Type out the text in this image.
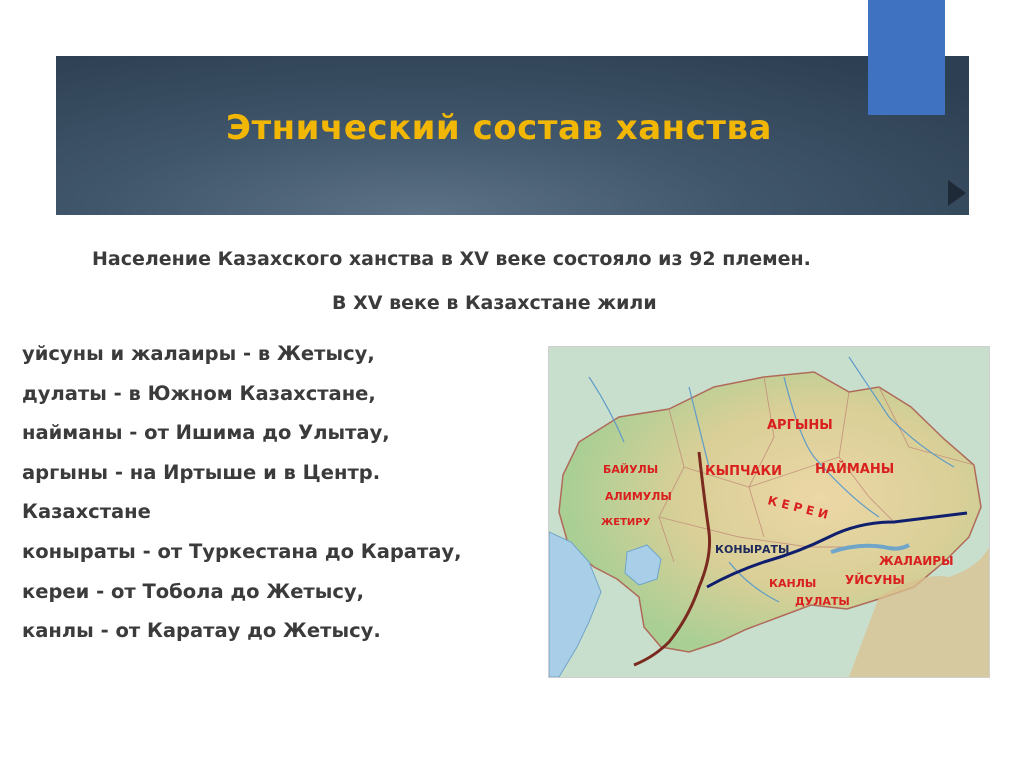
Этнический состав ханства
Население Казахского ханства в XV веке состояло из 92 племен.
В XV веке в Казахстане жили
уйсуны и жалаиры - в Жетысу,
дулаты - в Южном Казахстане,
найманы - от Ишима до Улытау,
аргыны - на Иртыше и в Центр.
Казахстане
коныраты - от Туркестана до Каратау,
кереи - от Тобола до Жетысу,
канлы - от Каратау до Жетысу.
АРГЫНЫ
БАЙУЛЫ	КЫПЧАКИ	НАЙМАНЫ
АЛИМУЛЫ	К Е Р Е И
ЖЕТИРУ
КОНЫРАТЫ
ЖАЛАИРЫ
КАНЛЫ УЙСУНЫ
ДУЛАТЫ
